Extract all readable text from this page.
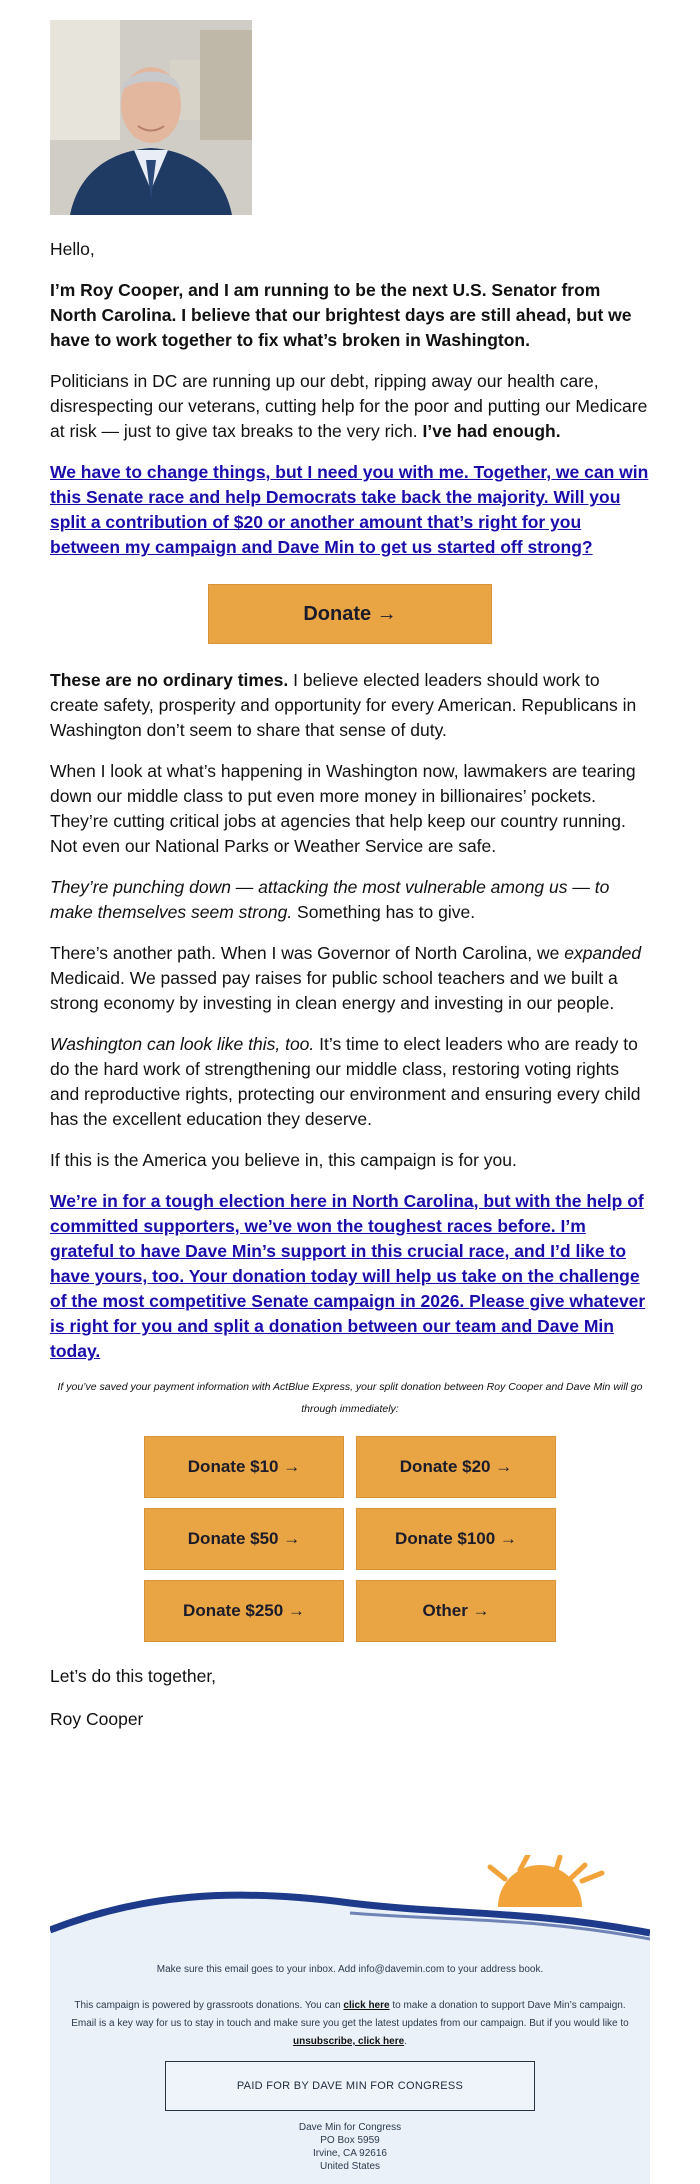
Hello,

I’m Roy Cooper, and I am running to be the next U.S. Senator from North Carolina. I believe that our brightest days are still ahead, but we have to work together to fix what’s broken in Washington.

Politicians in DC are running up our debt, ripping away our health care, disrespecting our veterans, cutting help for the poor and putting our Medicare at risk — just to give tax breaks to the very rich. I’ve had enough.

We have to change things, but I need you with me. Together, we can win this Senate race and help Democrats take back the majority. Will you split a contribution of $20 or another amount that’s right for you between my campaign and Dave Min to get us started off strong?

Donate →

These are no ordinary times. I believe elected leaders should work to create safety, prosperity and opportunity for every American. Republicans in Washington don’t seem to share that sense of duty.

When I look at what’s happening in Washington now, lawmakers are tearing down our middle class to put even more money in billionaires’ pockets. They’re cutting critical jobs at agencies that help keep our country running. Not even our National Parks or Weather Service are safe.

They’re punching down — attacking the most vulnerable among us — to make themselves seem strong. Something has to give.

There’s another path. When I was Governor of North Carolina, we expanded Medicaid. We passed pay raises for public school teachers and we built a strong economy by investing in clean energy and investing in our people.

Washington can look like this, too. It’s time to elect leaders who are ready to do the hard work of strengthening our middle class, restoring voting rights and reproductive rights, protecting our environment and ensuring every child has the excellent education they deserve.

If this is the America you believe in, this campaign is for you.

We’re in for a tough election here in North Carolina, but with the help of committed supporters, we’ve won the toughest races before. I’m grateful to have Dave Min’s support in this crucial race, and I’d like to have yours, too. Your donation today will help us take on the challenge of the most competitive Senate campaign in 2026. Please give whatever is right for you and split a donation between our team and Dave Min today.

If you’ve saved your payment information with ActBlue Express, your split donation between Roy Cooper and Dave Min will go through immediately:
Donate $10 →	Donate $20 →
Donate $50 →	Donate $100 →
Donate $250 →	Other →

Let’s do this together,

Roy Cooper

Make sure this email goes to your inbox. Add info@davemin.com to your address book.
This campaign is powered by grassroots donations. You can click here to make a donation to support Dave Min’s campaign. Email is a key way for us to stay in touch and make sure you get the latest updates from our campaign. But if you would like to unsubscribe, click here.
PAID FOR BY DAVE MIN FOR CONGRESS
Dave Min for Congress
PO Box 5959
Irvine, CA 92616
United States
